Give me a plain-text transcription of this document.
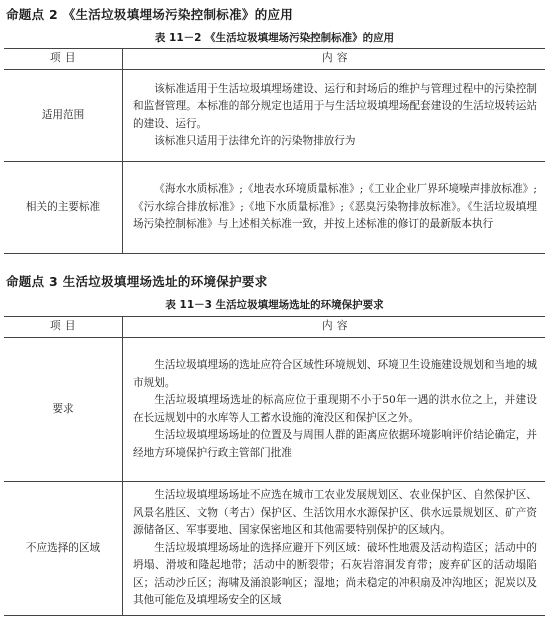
命题点 2 《生活垃圾填埋场污染控制标准》的应用
表 11－2 《生活垃圾填埋场污染控制标准》的应用
项 目	内 容
适用范围	该标准适用于生活垃圾填埋场建设、运行和封场后的维护与管理过程中的污染控制和监督管理。本标准的部分规定也适用于与生活垃圾填埋场配套建设的生活垃圾转运站的建设、运行。

该标准只适用于法律允许的污染物排放行为

相关的主要标准	《海水水质标准》;《地表水环境质量标准》;《工业企业厂界环境噪声排放标准》;《污水综合排放标准》;《地下水质量标准》;《恶臭污染物排放标准》。《生活垃圾填埋场污染控制标准》与上述相关标准一致，并按上述标准的修订的最新版本执行

命题点 3 生活垃圾填埋场选址的环境保护要求
表 11－3 生活垃圾填埋场选址的环境保护要求
项 目	内 容
要求	生活垃圾填埋场的选址应符合区域性环境规划、环境卫生设施建设规划和当地的城市规划。

生活垃圾填埋场选址的标高应位于重现期不小于50年一遇的洪水位之上，并建设在长远规划中的水库等人工蓄水设施的淹没区和保护区之外。

生活垃圾填埋场场址的位置及与周围人群的距离应依据环境影响评价结论确定，并经地方环境保护行政主管部门批准

不应选择的区域	生活垃圾填埋场场址不应选在城市工农业发展规划区、农业保护区、自然保护区、风景名胜区、文物（考古）保护区、生活饮用水水源保护区、供水远景规划区、矿产资源储备区、军事要地、国家保密地区和其他需要特别保护的区域内。

生活垃圾填埋场场址的选择应避开下列区域：破坏性地震及活动构造区；活动中的坍塌、滑坡和隆起地带；活动中的断裂带；石灰岩溶洞发育带；废弃矿区的活动塌陷区；活动沙丘区；海啸及涌浪影响区；湿地；尚未稳定的冲积扇及冲沟地区；泥炭以及其他可能危及填埋场安全的区域
